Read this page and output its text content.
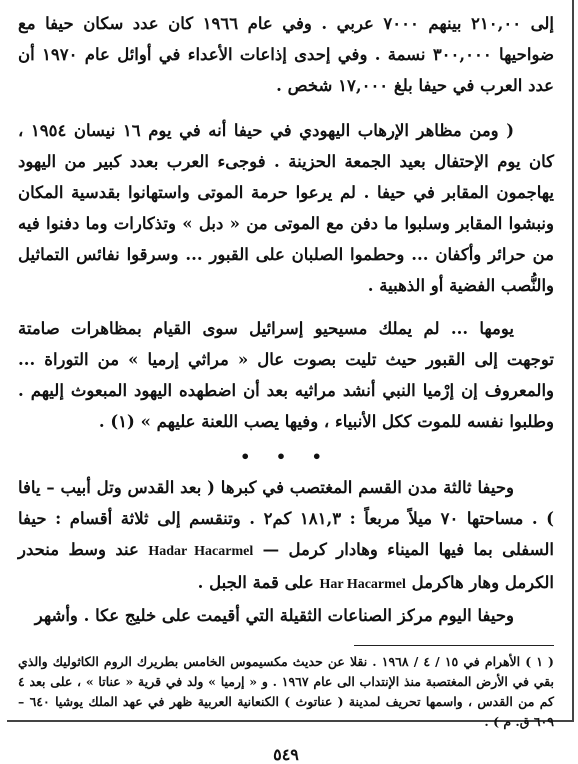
إلى ٢١٠,٠٠ بينهم ٧٠٠٠ عربي . وفي عام ١٩٦٦ كان عدد سكان حيفا مع ضواحيها ٣٠٠,٠٠٠ نسمة . وفي إحدى إذاعات الأعداء في أوائل عام ١٩٧٠ أن عدد العرب في حيفا بلغ ١٧,٠٠٠ شخص .

( ومن مظاهر الإرهاب اليهودي في حيفا أنه في يوم ١٦ نيسان ١٩٥٤ ، كان يوم الإحتفال بعيد الجمعة الحزينة . فوجىء العرب بعدد كبير من اليهود يهاجمون المقابر في حيفا . لم يرعوا حرمة الموتى واستهانوا بقدسية المكان ونبشوا المقابر وسلبوا ما دفن مع الموتى من « دبل » وتذكارات وما دفنوا فيه من حرائر وأكفان ... وحطموا الصلبان على القبور ... وسرقوا نفائس التماثيل والنُّصب الفضية أو الذهبية .

يومها ... لم يملك مسيحيو إسرائيل سوى القيام بمظاهرات صامتة توجهت إلى القبور حيث تليت بصوت عال « مراثي إرميا » من التوراة ... والمعروف إن إرْميا النبي أنشد مراثيه بعد أن اضطهده اليهود المبعوث إليهم . وطلبوا نفسه للموت ككل الأنبياء ، وفيها يصب اللعنة عليهم » (١) .

• • •

وحيفا ثالثة مدن القسم المغتصب في كبرها ( بعد القدس وتل أبيب – يافا ) . مساحتها ٧٠ ميلاً مربعاً : ١٨١,٣ كم٢ . وتنقسم إلى ثلاثة أقسام : حيفا السفلى بما فيها الميناء وهادار كرمل — Hadar Hacarmel عند وسط منحدر الكرمل وهار هاكرمل Har Hacarmel على قمة الجبل .

وحيفا اليوم مركز الصناعات الثقيلة التي أقيمت على خليج عكا . وأشهر

( ١ ) الأهرام في ١٥ / ٤ / ١٩٦٨ . نقلا عن حديث مكسيموس الخامس بطريرك الروم الكاثوليك والذي بقي في الأرض المغتصبة منذ الإنتداب الى عام ١٩٦٧ . و « إرميا » ولد في قرية « عناتا » ، على بعد ٤ كم من القدس ، واسمها تحريف لمدينة ( عناتوث ) الكنعانية العربية ظهر في عهد الملك يوشيا ٦٤٠ – ٦٠٩ ق. م ) .

٥٤٩
